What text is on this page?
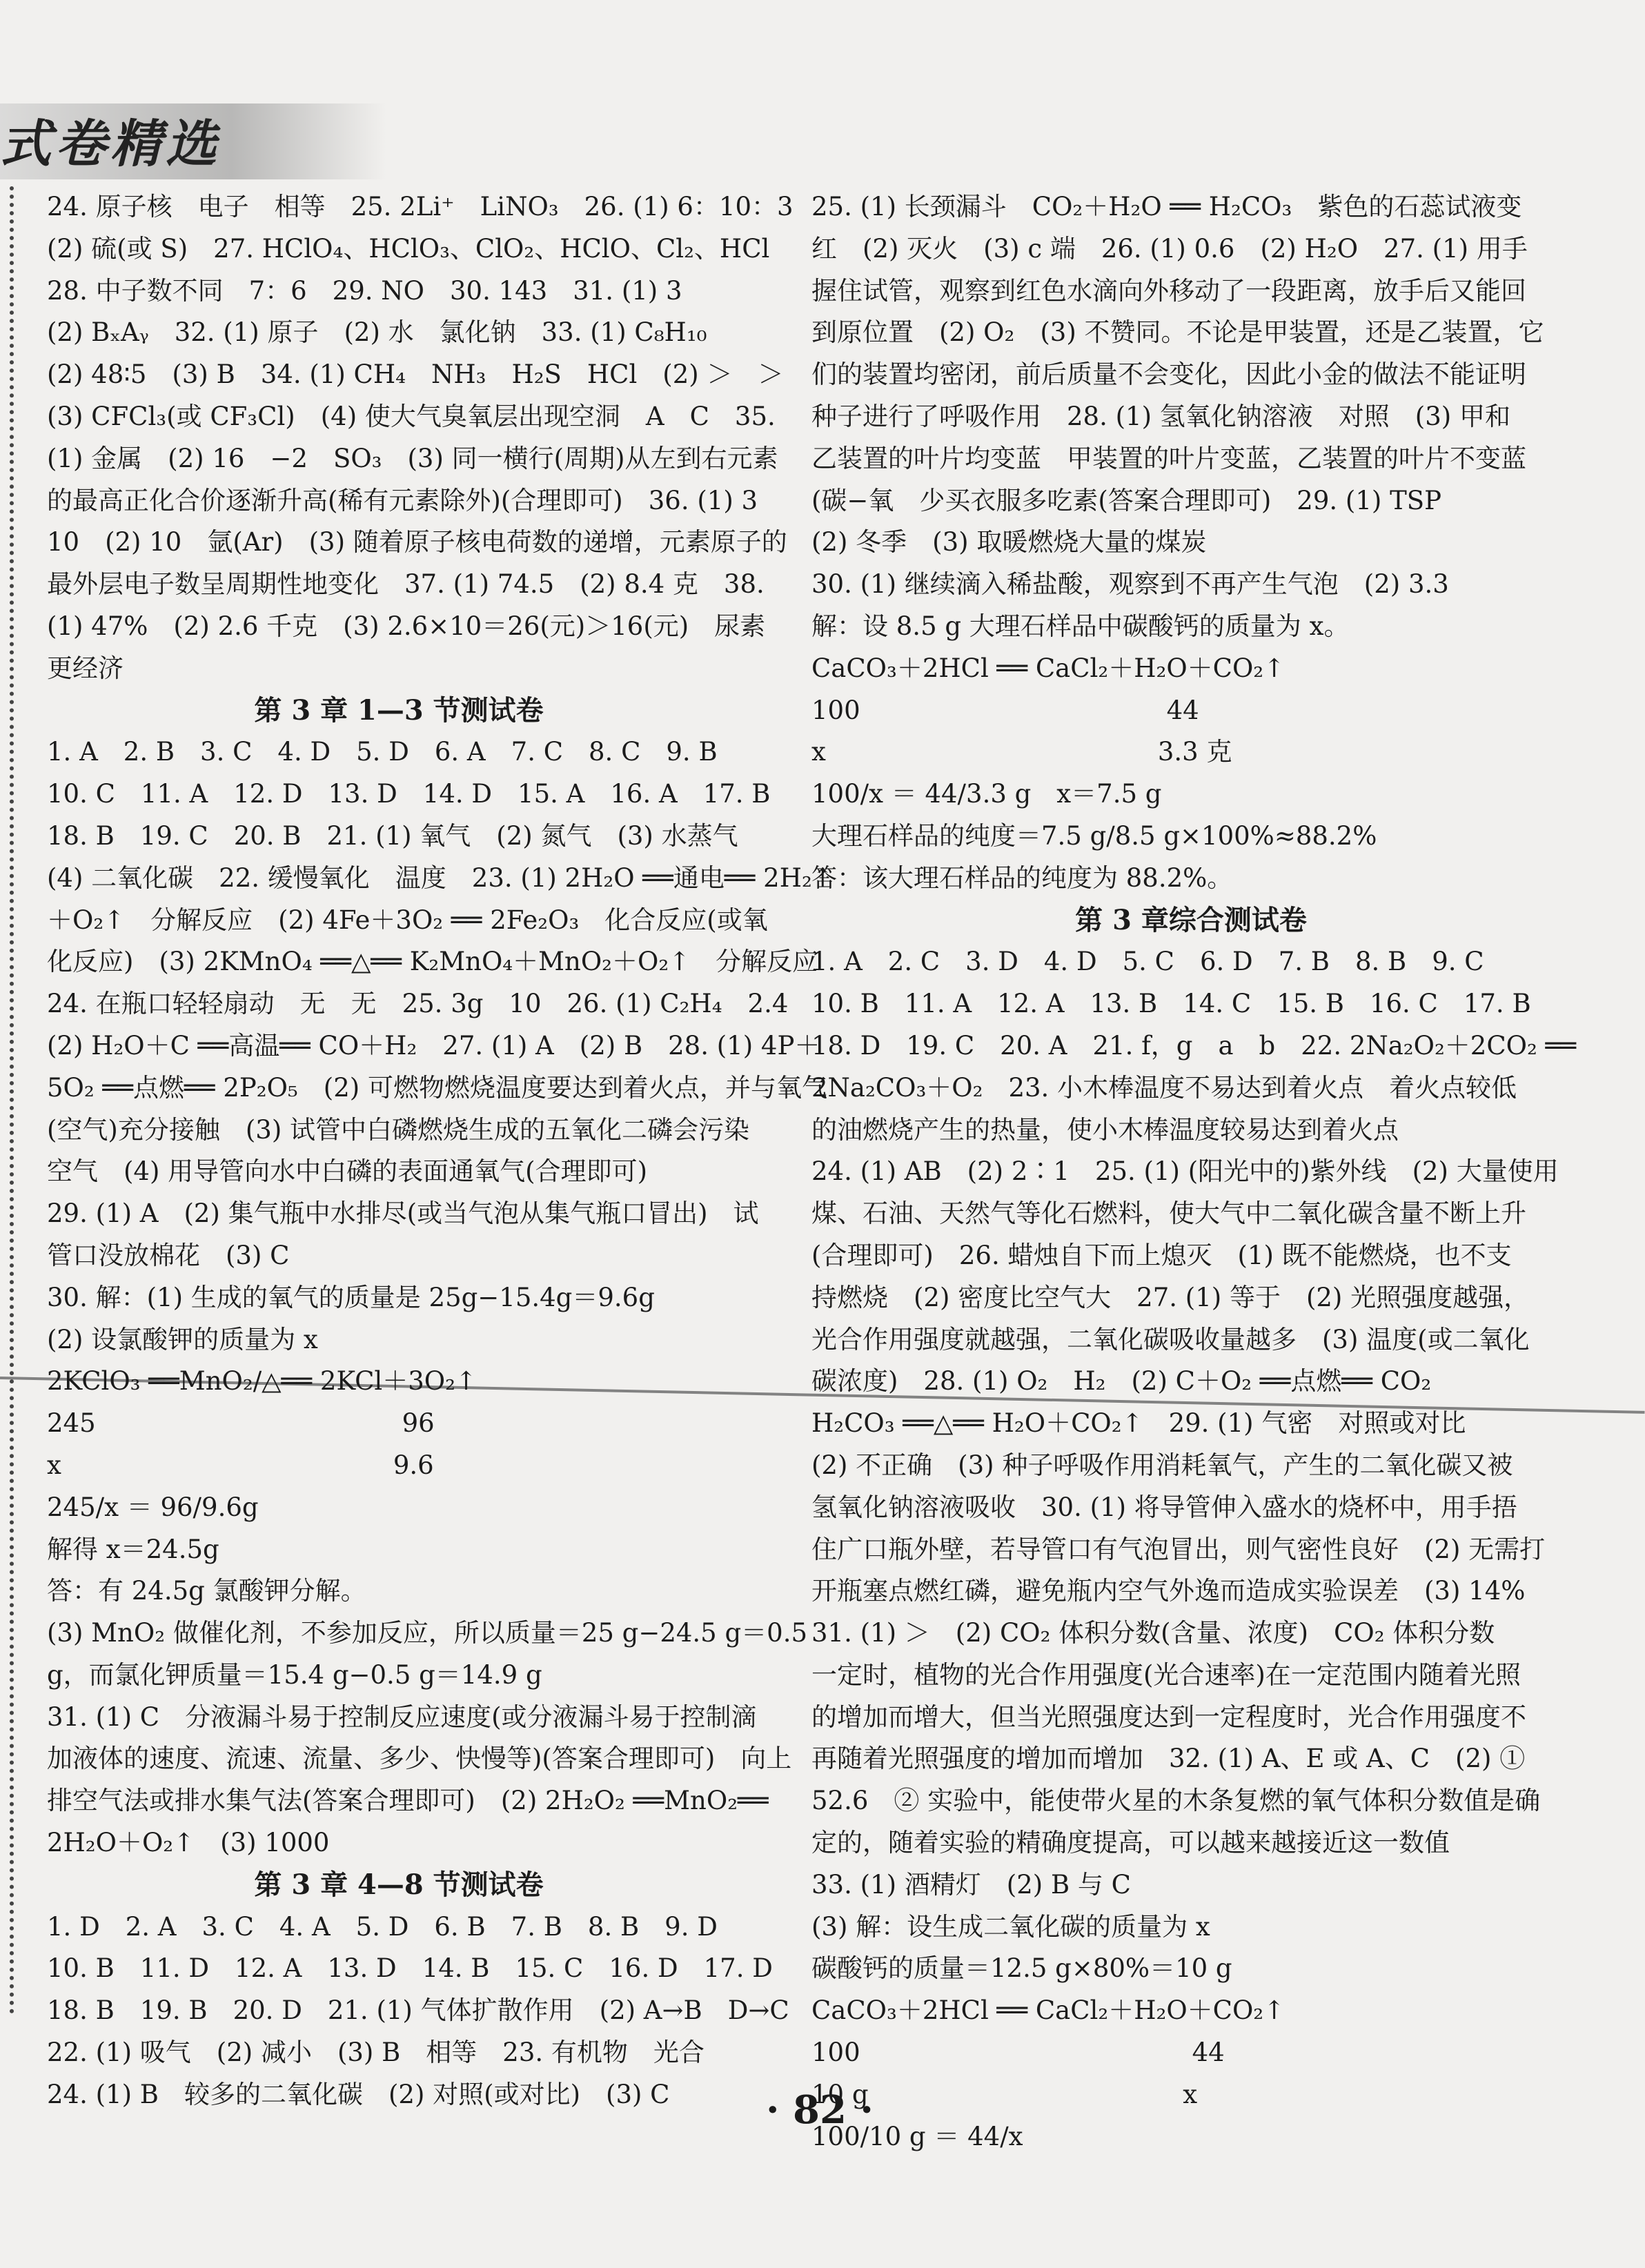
式卷精选
24. 原子核　电子　相等　25. 2Li⁺　LiNO₃　26. (1) 6：10：3
(2) 硫(或 S)　27. HClO₄、HClO₃、ClO₂、HClO、Cl₂、HCl
28. 中子数不同　7：6　29. NO　30. 143　31. (1) 3
(2) BₓAᵧ　32. (1) 原子　(2) 水　氯化钠　33. (1) C₈H₁₀
(2) 48∶5　(3) B　34. (1) CH₄　NH₃　H₂S　HCl　(2) ＞　＞
(3) CFCl₃(或 CF₃Cl)　(4) 使大气臭氧层出现空洞　A　C　35.
(1) 金属　(2) 16　−2　SO₃　(3) 同一横行(周期)从左到右元素
的最高正化合价逐渐升高(稀有元素除外)(合理即可)　36. (1) 3
10　(2) 10　氩(Ar)　(3) 随着原子核电荷数的递增，元素原子的
最外层电子数呈周期性地变化　37. (1) 74.5　(2) 8.4 克　38.
(1) 47%　(2) 2.6 千克　(3) 2.6×10＝26(元)＞16(元)　尿素
更经济
第 3 章 1—3 节测试卷
1. A　2. B　3. C　4. D　5. D　6. A　7. C　8. C　9. B
10. C　11. A　12. D　13. D　14. D　15. A　16. A　17. B
18. B　19. C　20. B　21. (1) 氧气　(2) 氮气　(3) 水蒸气
(4) 二氧化碳　22. 缓慢氧化　温度　23. (1) 2H₂O ══通电══ 2H₂↑
＋O₂↑　分解反应　(2) 4Fe＋3O₂ ══ 2Fe₂O₃　化合反应(或氧
化反应)　(3) 2KMnO₄ ══△══ K₂MnO₄＋MnO₂＋O₂↑　分解反应
24. 在瓶口轻轻扇动　无　无　25. 3g　10　26. (1) C₂H₄　2.4
(2) H₂O＋C ══高温══ CO＋H₂　27. (1) A　(2) B　28. (1) 4P＋
5O₂ ══点燃══ 2P₂O₅　(2) 可燃物燃烧温度要达到着火点，并与氧气
(空气)充分接触　(3) 试管中白磷燃烧生成的五氧化二磷会污染
空气　(4) 用导管向水中白磷的表面通氧气(合理即可)
29. (1) A　(2) 集气瓶中水排尽(或当气泡从集气瓶口冒出)　试
管口没放棉花　(3) C
30. 解：(1) 生成的氧气的质量是 25g−15.4g＝9.6g
(2) 设氯酸钾的质量为 x
2KClO₃ ══MnO₂/△══ 2KCl＋3O₂↑
245　　　　　　　　　　　　96
x　　　　　　　　　　　　　9.6
245/x ＝ 96/9.6g
解得 x＝24.5g
答：有 24.5g 氯酸钾分解。
(3) MnO₂ 做催化剂，不参加反应，所以质量＝25 g−24.5 g＝0.5
g，而氯化钾质量＝15.4 g−0.5 g＝14.9 g
31. (1) C　分液漏斗易于控制反应速度(或分液漏斗易于控制滴
加液体的速度、流速、流量、多少、快慢等)(答案合理即可)　向上
排空气法或排水集气法(答案合理即可)　(2) 2H₂O₂ ══MnO₂══
2H₂O＋O₂↑　(3) 1000
第 3 章 4—8 节测试卷
1. D　2. A　3. C　4. A　5. D　6. B　7. B　8. B　9. D
10. B　11. D　12. A　13. D　14. B　15. C　16. D　17. D
18. B　19. B　20. D　21. (1) 气体扩散作用　(2) A→B　D→C
22. (1) 吸气　(2) 减小　(3) B　相等　23. 有机物　光合
24. (1) B　较多的二氧化碳　(2) 对照(或对比)　(3) C
25. (1) 长颈漏斗　CO₂＋H₂O ══ H₂CO₃　紫色的石蕊试液变
红　(2) 灭火　(3) c 端　26. (1) 0.6　(2) H₂O　27. (1) 用手
握住试管，观察到红色水滴向外移动了一段距离，放手后又能回
到原位置　(2) O₂　(3) 不赞同。不论是甲装置，还是乙装置，它
们的装置均密闭，前后质量不会变化，因此小金的做法不能证明
种子进行了呼吸作用　28. (1) 氢氧化钠溶液　对照　(3) 甲和
乙装置的叶片均变蓝　甲装置的叶片变蓝，乙装置的叶片不变蓝
(碳−氧　少买衣服多吃素(答案合理即可)　29. (1) TSP
(2) 冬季　(3) 取暖燃烧大量的煤炭
30. (1) 继续滴入稀盐酸，观察到不再产生气泡　(2) 3.3
解：设 8.5 g 大理石样品中碳酸钙的质量为 x。
CaCO₃＋2HCl ══ CaCl₂＋H₂O＋CO₂↑
100　　　　　　　　　　　　44
x　　　　　　　　　　　　　3.3 克
100/x ＝ 44/3.3 g　x＝7.5 g
大理石样品的纯度＝7.5 g/8.5 g×100%≈88.2%
答：该大理石样品的纯度为 88.2%。
第 3 章综合测试卷
1. A　2. C　3. D　4. D　5. C　6. D　7. B　8. B　9. C
10. B　11. A　12. A　13. B　14. C　15. B　16. C　17. B
18. D　19. C　20. A　21. f，g　a　b　22. 2Na₂O₂＋2CO₂ ══
2Na₂CO₃＋O₂　23. 小木棒温度不易达到着火点　着火点较低
的油燃烧产生的热量，使小木棒温度较易达到着火点
24. (1) AB　(2) 2∶1　25. (1) (阳光中的)紫外线　(2) 大量使用
煤、石油、天然气等化石燃料，使大气中二氧化碳含量不断上升
(合理即可)　26. 蜡烛自下而上熄灭　(1) 既不能燃烧，也不支
持燃烧　(2) 密度比空气大　27. (1) 等于　(2) 光照强度越强，
光合作用强度就越强，二氧化碳吸收量越多　(3) 温度(或二氧化
碳浓度)　28. (1) O₂　H₂　(2) C＋O₂ ══点燃══ CO₂
H₂CO₃ ══△══ H₂O＋CO₂↑　29. (1) 气密　对照或对比
(2) 不正确　(3) 种子呼吸作用消耗氧气，产生的二氧化碳又被
氢氧化钠溶液吸收　30. (1) 将导管伸入盛水的烧杯中，用手捂
住广口瓶外壁，若导管口有气泡冒出，则气密性良好　(2) 无需打
开瓶塞点燃红磷，避免瓶内空气外逸而造成实验误差　(3) 14%
31. (1) ＞　(2) CO₂ 体积分数(含量、浓度)　CO₂ 体积分数
一定时，植物的光合作用强度(光合速率)在一定范围内随着光照
的增加而增大，但当光照强度达到一定程度时，光合作用强度不
再随着光照强度的增加而增加　32. (1) A、E 或 A、C　(2) ①
52.6　② 实验中，能使带火星的木条复燃的氧气体积分数值是确
定的，随着实验的精确度提高，可以越来越接近这一数值
33. (1) 酒精灯　(2) B 与 C
(3) 解：设生成二氧化碳的质量为 x
碳酸钙的质量＝12.5 g×80%＝10 g
CaCO₃＋2HCl ══ CaCl₂＋H₂O＋CO₂↑
100　　　　　　　　　　　　　44
10 g　　　　　　　　　　　　 x
100/10 g ＝ 44/x
· 82 ·
